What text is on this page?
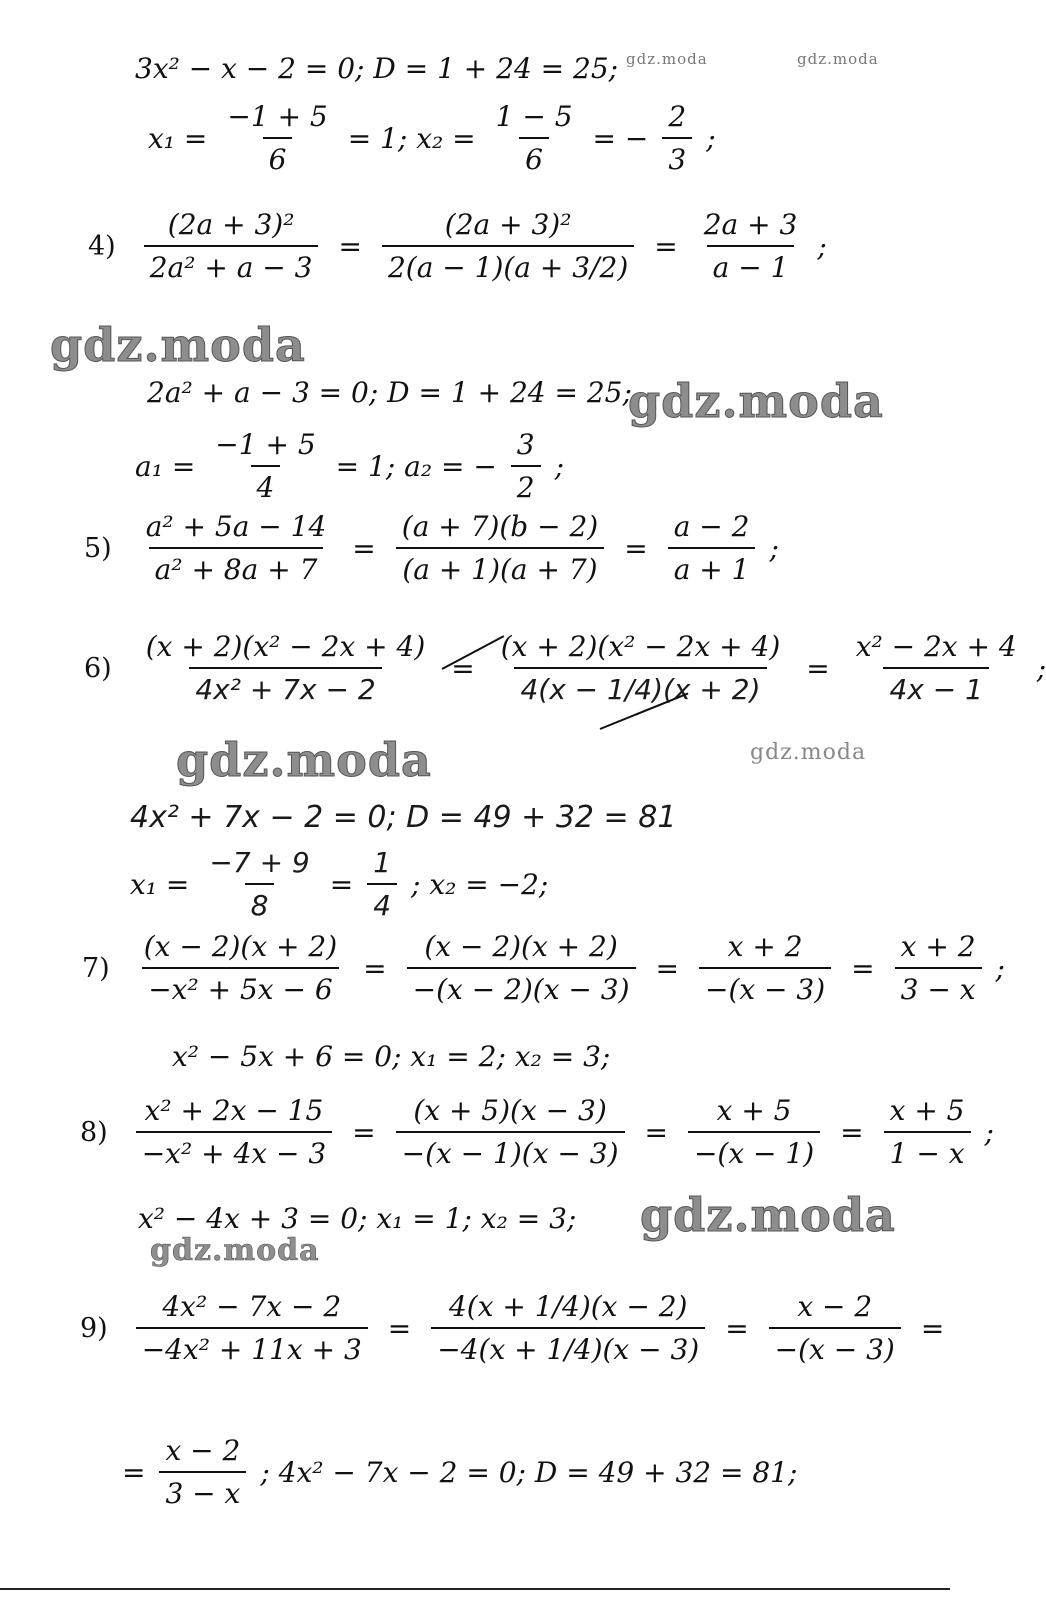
gdz.moda	gdz.moda
gdz.moda
gdz.moda
gdz.moda	gdz.moda
gdz.moda
gdz.moda
3x² − x − 2 = 0; D = 1 + 24 = 25;
$x_1 = \frac{-1 + 5}{6} = 1$; $x_2 = \frac{1 - 5}{6}$ = − $\frac{2}{3}$ ;
$4) \frac{\text{(2a + 3)²}}{\text{2a² + a − 3}} = \frac{\text{(2a + 3)²}}{2(a - 1)(a + 3/2)} = \frac{2a + 3}{a - 1}$ ;
2a² + a − 3 = 0; D = 1 + 24 = 25;
$a_1 = \frac{-1 + 5}{4} = 1$; a₂ = − $\frac{3}{2}$ ;
$5) \frac{\text{a² + 5a − 14}}{\text{a² + 8a + 7}} = \frac{(a + 7)(b - 2)}{(a + 1)(a + 7)} = \frac{a - 2}{a + 1}$ ;
$6) \frac{\text{(x + 2)(x² − 2x + 4)}}{\text{4x² + 7x − 2}} = \frac{\text{(x + 2)(x² − 2x + 4)}}{4(x - 1/4)(x + 2)} = \frac{\text{x² − 2x + 4}}{4x - 1}$ ;
4x² + 7x − 2 = 0; D = 49 + 32 = 81
$x_1 = \frac{-7 + 9}{8} = \frac{1}{4}$ ; x₂ = −2;
$7) \frac{(x - 2)(x + 2)}{\text{−x² + 5x − 6}} = \frac{(x - 2)(x + 2)}{-(x - 2)(x - 3)} = \frac{x + 2}{-(x - 3)} = \frac{x + 2}{3 - x}$ ;
x² − 5x + 6 = 0; x₁ = 2; x₂ = 3;
$8) \frac{\text{x² + 2x − 15}}{\text{−x² + 4x − 3}} = \frac{(x + 5)(x - 3)}{-(x - 1)(x - 3)} = \frac{x + 5}{-(x - 1)} = \frac{x + 5}{1 - x}$ ;
x² − 4x + 3 = 0; x₁ = 1; x₂ = 3;
$9) \frac{\text{4x² − 7x − 2}}{\text{−4x² + 11x + 3}} = \frac{4(x + 1/4)(x - 2)}{-4(x + 1/4)(x - 3)} = \frac{x - 2}{-(x - 3)}$ =
= $\frac{x - 2}{3 - x}$ ; 4x² − 7x − 2 = 0; D = 49 + 32 = 81;
